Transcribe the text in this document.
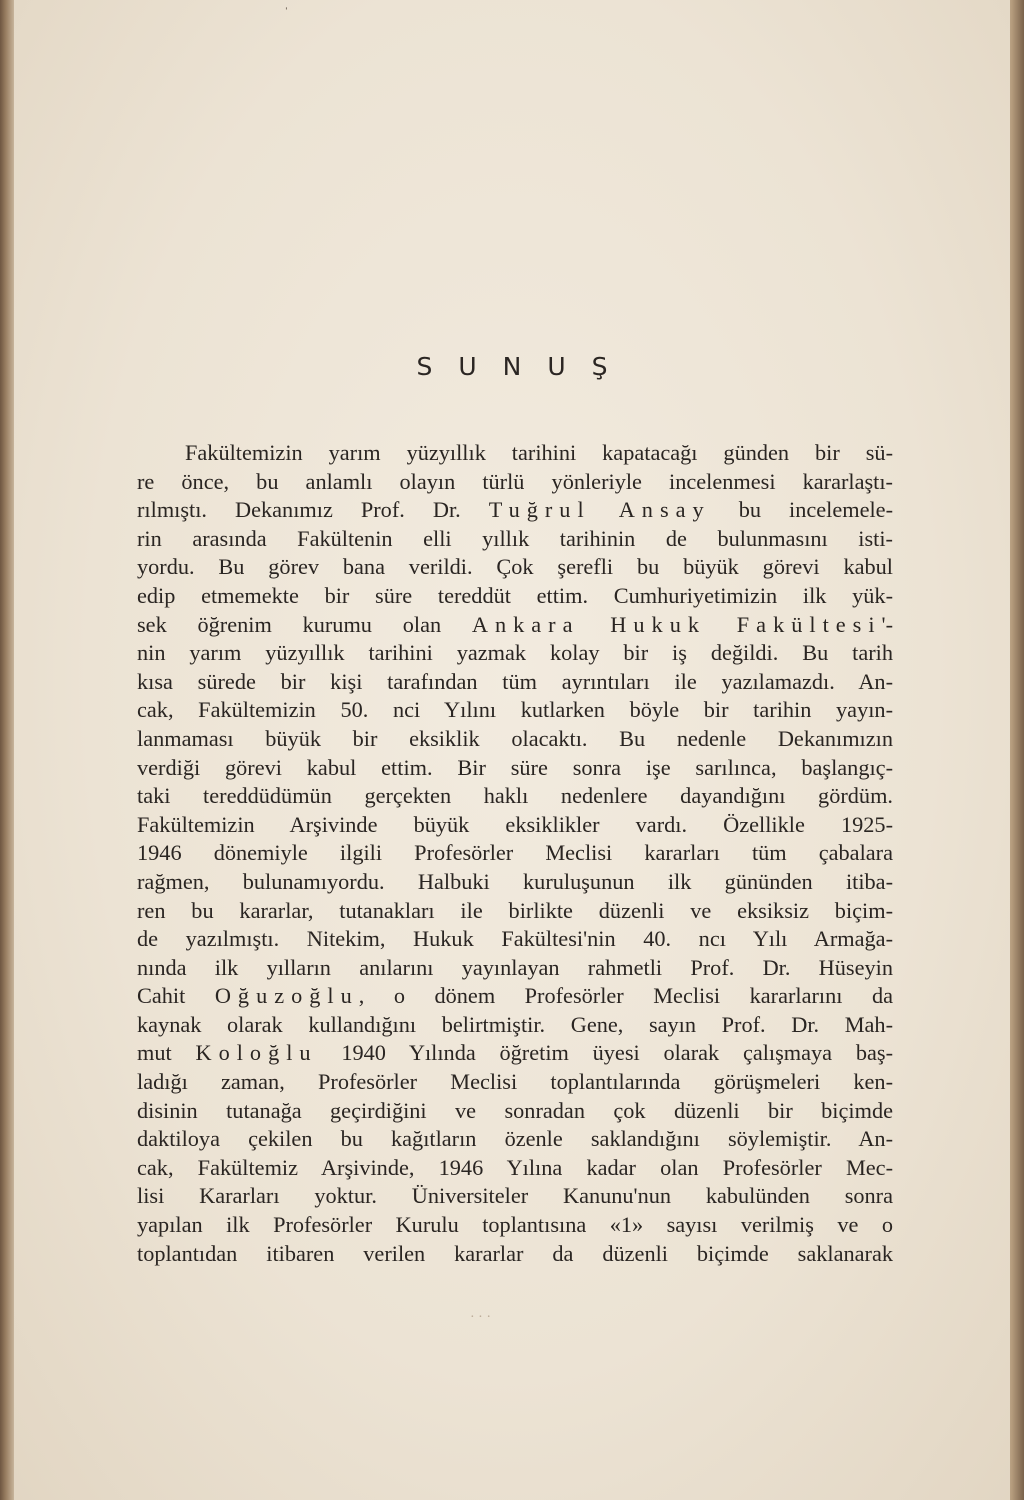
ˈ
SUNUŞ
Fakültemizin yarım yüzyıllık tarihini kapatacağı günden bir sü-
re önce, bu anlamlı olayın türlü yönleriyle incelenmesi kararlaştı-
rılmıştı. Dekanımız Prof. Dr. Tuğrul Ansay bu incelemele-
rin arasında Fakültenin elli yıllık tarihinin de bulunmasını isti-
yordu. Bu görev bana verildi. Çok şerefli bu büyük görevi kabul
edip etmemekte bir süre tereddüt ettim. Cumhuriyetimizin ilk yük-
sek öğrenim kurumu olan Ankara Hukuk Fakültesi'-
nin yarım yüzyıllık tarihini yazmak kolay bir iş değildi. Bu tarih
kısa sürede bir kişi tarafından tüm ayrıntıları ile yazılamazdı. An-
cak, Fakültemizin 50. nci Yılını kutlarken böyle bir tarihin yayın-
lanmaması büyük bir eksiklik olacaktı. Bu nedenle Dekanımızın
verdiği görevi kabul ettim. Bir süre sonra işe sarılınca, başlangıç-
taki tereddüdümün gerçekten haklı nedenlere dayandığını gördüm.
Fakültemizin Arşivinde büyük eksiklikler vardı. Özellikle 1925-
1946 dönemiyle ilgili Profesörler Meclisi kararları tüm çabalara
rağmen, bulunamıyordu. Halbuki kuruluşunun ilk gününden itiba-
ren bu kararlar, tutanakları ile birlikte düzenli ve eksiksiz biçim-
de yazılmıştı. Nitekim, Hukuk Fakültesi'nin 40. ncı Yılı Armağa-
nında ilk yılların anılarını yayınlayan rahmetli Prof. Dr. Hüseyin
Cahit Oğuzoğlu, o dönem Profesörler Meclisi kararlarını da
kaynak olarak kullandığını belirtmiştir. Gene, sayın Prof. Dr. Mah-
mut Koloğlu 1940 Yılında öğretim üyesi olarak çalışmaya baş-
ladığı zaman, Profesörler Meclisi toplantılarında görüşmeleri ken-
disinin tutanağa geçirdiğini ve sonradan çok düzenli bir biçimde
daktiloya çekilen bu kağıtların özenle saklandığını söylemiştir. An-
cak, Fakültemiz Arşivinde, 1946 Yılına kadar olan Profesörler Mec-
lisi Kararları yoktur. Üniversiteler Kanunu'nun kabulünden sonra
yapılan ilk Profesörler Kurulu toplantısına «1» sayısı verilmiş ve o
toplantıdan itibaren verilen kararlar da düzenli biçimde saklanarak
· · ·
